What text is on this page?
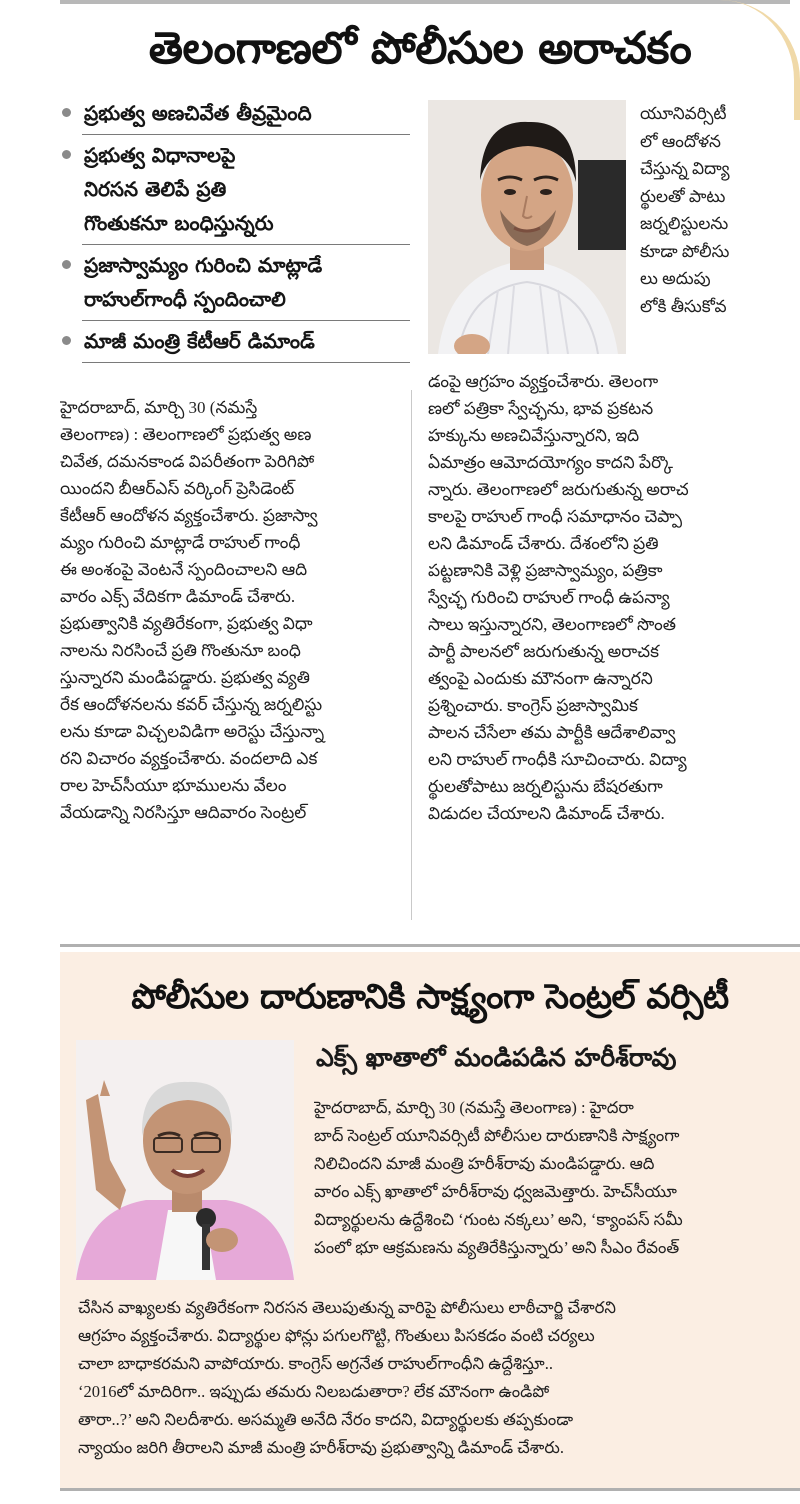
తెలంగాణలో పోలీసుల అరాచకం
ప్రభుత్వ అణచివేత తీవ్రమైంది
ప్రభుత్వ విధానాలపై
నిరసన తెలిపే ప్రతి
గొంతుకనూ బంధిస్తున్నరు
ప్రజాస్వామ్యం గురించి మాట్లాడే
రాహుల్‌గాంధీ స్పందించాలి
మాజీ మంత్రి కేటీఆర్‌ డిమాండ్‌
యూనివర్సిటీ
లో ఆందోళన
చేస్తున్న విద్యా
ర్థులతో పాటు
జర్నలిస్టులను
కూడా పోలీసు
లు అదుపు
లోకి తీసుకోవ
హైదరాబాద్‌, మార్చి 30 (నమస్తే
తెలంగాణ) : తెలంగాణలో ప్రభుత్వ అణ
చివేత, దమనకాండ విపరీతంగా పెరిగిపో
యిందని బీఆర్‌ఎస్‌ వర్కింగ్‌ ప్రెసిడెంట్‌
కేటీఆర్‌ ఆందోళన వ్యక్తంచేశారు. ప్రజాస్వా
మ్యం గురించి మాట్లాడే రాహుల్‌ గాంధీ
ఈ అంశంపై వెంటనే స్పందించాలని ఆది
వారం ఎక్స్‌ వేదికగా డిమాండ్‌ చేశారు.
ప్రభుత్వానికి వ్యతిరేకంగా, ప్రభుత్వ విధా
నాలను నిరసించే ప్రతి గొంతునూ బంధి
స్తున్నారని మండిపడ్డారు. ప్రభుత్వ వ్యతి
రేక ఆందోళనలను కవర్‌ చేస్తున్న జర్నలిస్టు
లను కూడా విచ్చలవిడిగా అరెస్టు చేస్తున్నా
రని విచారం వ్యక్తంచేశారు. వందలాది ఎక
రాల హెచ్‌సీయూ భూములను వేలం
వేయడాన్ని నిరసిస్తూ ఆదివారం సెంట్రల్‌
డంపై ఆగ్రహం వ్యక్తంచేశారు. తెలంగా
ణలో పత్రికా స్వేచ్ఛను, భావ ప్రకటన
హక్కును అణచివేస్తున్నారని, ఇది
ఏమాత్రం ఆమోదయోగ్యం కాదని పేర్కొ
న్నారు. తెలంగాణలో జరుగుతున్న అరాచ
కాలపై రాహుల్‌ గాంధీ సమాధానం చెప్పా
లని డిమాండ్‌ చేశారు. దేశంలోని ప్రతి
పట్టణానికి వెళ్లి ప్రజాస్వామ్యం, పత్రికా
స్వేచ్ఛ గురించి రాహుల్‌ గాంధీ ఉపన్యా
సాలు ఇస్తున్నారని, తెలంగాణలో సొంత
పార్టీ పాలనలో జరుగుతున్న అరాచక
త్వంపై ఎందుకు మౌనంగా ఉన్నారని
ప్రశ్నించారు. కాంగ్రెస్‌ ప్రజాస్వామిక
పాలన చేసేలా తమ పార్టీకి ఆదేశాలివ్వా
లని రాహుల్‌ గాంధీకి సూచించారు. విద్యా
ర్థులతోపాటు జర్నలిస్టును బేషరతుగా
విడుదల చేయాలని డిమాండ్‌ చేశారు.
పోలీసుల దారుణానికి సాక్ష్యంగా సెంట్రల్‌ వర్సిటీ
ఎక్స్‌ ఖాతాలో మండిపడిన హరీశ్‌రావు
హైదరాబాద్‌, మార్చి 30 (నమస్తే తెలంగాణ) : హైదరా
బాద్‌ సెంట్రల్‌ యూనివర్సిటీ పోలీసుల దారుణానికి సాక్ష్యంగా
నిలిచిందని మాజీ మంత్రి హరీశ్‌రావు మండిపడ్డారు. ఆది
వారం ఎక్స్‌ ఖాతాలో హరీశ్‌రావు ధ్వజమెత్తారు. హెచ్‌సీయూ
విద్యార్థులను ఉద్దేశించి ‘గుంట నక్కలు’ అని, ‘క్యాంపస్‌ సమీ
పంలో భూ ఆక్రమణను వ్యతిరేకిస్తున్నారు’ అని సీఎం రేవంత్‌
చేసిన వాఖ్యలకు వ్యతిరేకంగా నిరసన తెలుపుతున్న వారిపై పోలీసులు లాఠీచార్జి చేశారని
ఆగ్రహం వ్యక్తంచేశారు. విద్యార్థుల ఫోన్లు పగులగొట్టి, గొంతులు పిసకడం వంటి చర్యలు
చాలా బాధాకరమని వాపోయారు. కాంగ్రెస్‌ అగ్రనేత రాహుల్‌గాంధీని ఉద్దేశిస్తూ..
‘2016లో మాదిరిగా.. ఇప్పుడు తమరు నిలబడుతారా? లేక మౌనంగా ఉండిపో
తారా..?’ అని నిలదీశారు. అసమ్మతి అనేది నేరం కాదని, విద్యార్థులకు తప్పకుండా
న్యాయం జరిగి తీరాలని మాజీ మంత్రి హరీశ్‌రావు ప్రభుత్వాన్ని డిమాండ్‌ చేశారు.
